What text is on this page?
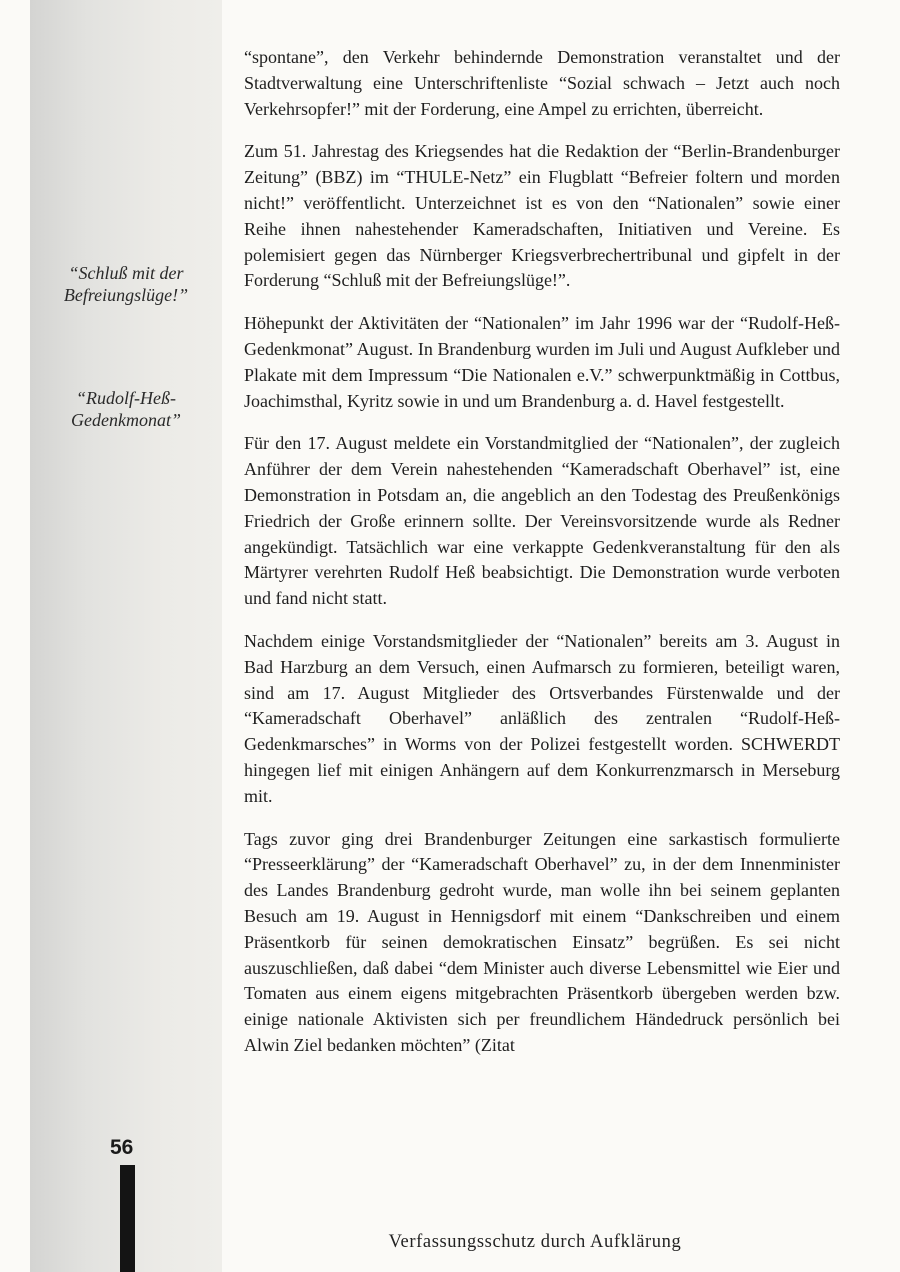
“Schluß mit der Befreiungslüge!”
“Rudolf-Heß-Gedenkmonat”

“spontane”, den Verkehr behindernde Demonstration veranstaltet und der Stadtverwaltung eine Unterschriftenliste “Sozial schwach – Jetzt auch noch Verkehrsopfer!” mit der Forderung, eine Ampel zu errichten, überreicht.

Zum 51. Jahrestag des Kriegsendes hat die Redaktion der “Berlin-Brandenburger Zeitung” (BBZ) im “THULE-Netz” ein Flugblatt “Befreier foltern und morden nicht!” veröffentlicht. Unterzeichnet ist es von den “Nationalen” sowie einer Reihe ihnen nahestehender Kameradschaften, Initiativen und Vereine. Es polemisiert gegen das Nürnberger Kriegsverbrechertribunal und gipfelt in der Forderung “Schluß mit der Befreiungslüge!”.

Höhepunkt der Aktivitäten der “Nationalen” im Jahr 1996 war der “Rudolf-Heß-Gedenkmonat” August. In Brandenburg wurden im Juli und August Aufkleber und Plakate mit dem Impressum “Die Nationalen e.V.” schwerpunktmäßig in Cottbus, Joachimsthal, Kyritz sowie in und um Brandenburg a. d. Havel festgestellt.

Für den 17. August meldete ein Vorstandmitglied der “Nationalen”, der zugleich Anführer der dem Verein nahestehenden “Kameradschaft Oberhavel” ist, eine Demonstration in Potsdam an, die angeblich an den Todestag des Preußenkönigs Friedrich der Große erinnern sollte. Der Vereinsvorsitzende wurde als Redner angekündigt. Tatsächlich war eine verkappte Gedenkveranstaltung für den als Märtyrer verehrten Rudolf Heß beabsichtigt. Die Demonstration wurde verboten und fand nicht statt.

Nachdem einige Vorstandsmitglieder der “Nationalen” bereits am 3. August in Bad Harzburg an dem Versuch, einen Aufmarsch zu formieren, beteiligt waren, sind am 17. August Mitglieder des Ortsverbandes Fürstenwalde und der “Kameradschaft Oberhavel” anläßlich des zentralen “Rudolf-Heß-Gedenkmarsches” in Worms von der Polizei festgestellt worden. SCHWERDT hingegen lief mit einigen Anhängern auf dem Konkurrenzmarsch in Merseburg mit.

Tags zuvor ging drei Brandenburger Zeitungen eine sarkastisch formulierte “Presseerklärung” der “Kameradschaft Oberhavel” zu, in der dem Innenminister des Landes Brandenburg gedroht wurde, man wolle ihn bei seinem geplanten Besuch am 19. August in Hennigsdorf mit einem “Dankschreiben und einem Präsentkorb für seinen demokratischen Einsatz” begrüßen. Es sei nicht auszuschließen, daß dabei “dem Minister auch diverse Lebensmittel wie Eier und Tomaten aus einem eigens mitgebrachten Präsentkorb übergeben werden bzw. einige nationale Aktivisten sich per freundlichem Händedruck persönlich bei Alwin Ziel bedanken möchten” (Zitat

56
Verfassungsschutz durch Aufklärung
